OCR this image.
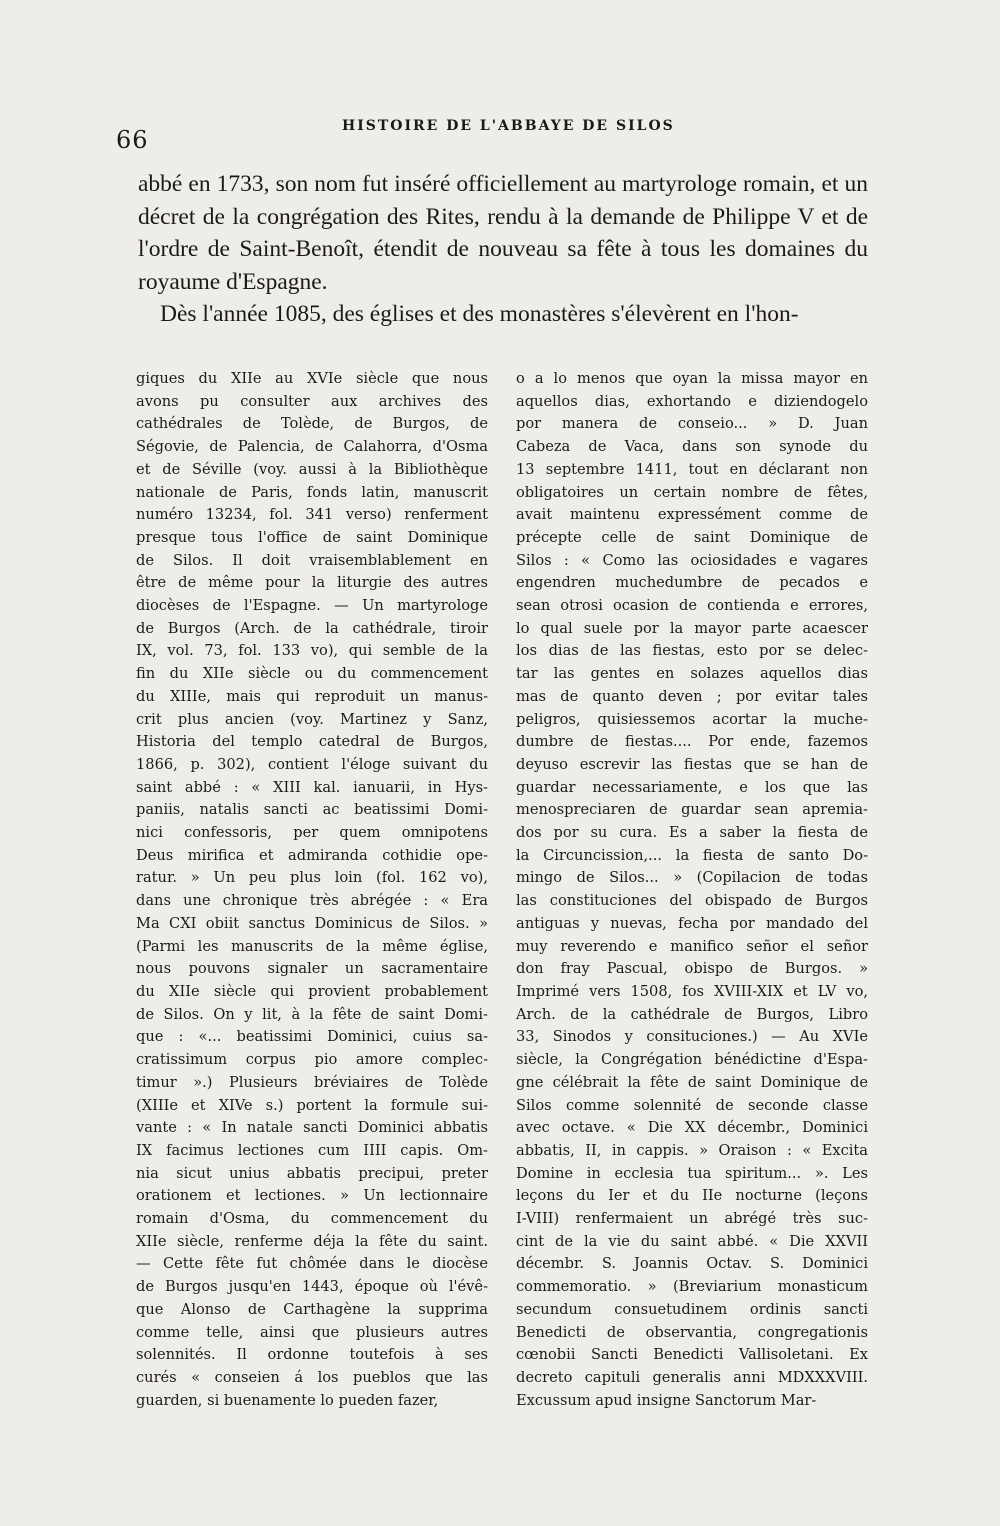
66	HISTOIRE DE L'ABBAYE DE SILOS

abbé en 1733, son nom fut inséré officiellement au martyrologe romain, et un décret de la congrégation des Rites, rendu à la demande de Philippe V et de l'ordre de Saint-Benoît, étendit de nouveau sa fête à tous les domaines du royaume d'Espagne.

Dès l'année 1085, des églises et des monastères s'élevèrent en l'hon-

giques du XIIe au XVIe siècle que nous
avons pu consulter aux archives des
cathédrales de Tolède, de Burgos, de
Ségovie, de Palencia, de Calahorra, d'Osma
et de Séville (voy. aussi à la Bibliothèque
nationale de Paris, fonds latin, manuscrit
numéro 13234, fol. 341 verso) renferment
presque tous l'office de saint Dominique
de Silos. Il doit vraisemblablement en
être de même pour la liturgie des autres
diocèses de l'Espagne. — Un martyrologe
de Burgos (Arch. de la cathédrale, tiroir
IX, vol. 73, fol. 133 vo), qui semble de la
fin du XIIe siècle ou du commencement
du XIIIe, mais qui reproduit un manus-
crit plus ancien (voy. Martinez y Sanz,
Historia del templo catedral de Burgos,
1866, p. 302), contient l'éloge suivant du
saint abbé : « XIII kal. ianuarii, in Hys-
paniis, natalis sancti ac beatissimi Domi-
nici confessoris, per quem omnipotens
Deus mirifica et admiranda cothidie ope-
ratur. » Un peu plus loin (fol. 162 vo),
dans une chronique très abrégée : « Era
Ma CXI obiit sanctus Dominicus de Silos. »
(Parmi les manuscrits de la même église,
nous pouvons signaler un sacramentaire
du XIIe siècle qui provient probablement
de Silos. On y lit, à la fête de saint Domi-
que : «... beatissimi Dominici, cuius sa-
cratissimum corpus pio amore complec-
timur ».) Plusieurs bréviaires de Tolède
(XIIIe et XIVe s.) portent la formule sui-
vante : « In natale sancti Dominici abbatis
IX facimus lectiones cum IIII capis. Om-
nia sicut unius abbatis precipui, preter
orationem et lectiones. » Un lectionnaire
romain d'Osma, du commencement du
XIIe siècle, renferme déja la fête du saint.
— Cette fête fut chômée dans le diocèse
de Burgos jusqu'en 1443, époque où l'évê-
que Alonso de Carthagène la supprima
comme telle, ainsi que plusieurs autres
solennités. Il ordonne toutefois à ses
curés « conseien á los pueblos que las
guarden, si buenamente lo pueden fazer,
o a lo menos que oyan la missa mayor en
aquellos dias, exhortando e diziendogelo
por manera de conseio... » D. Juan
Cabeza de Vaca, dans son synode du
13 septembre 1411, tout en déclarant non
obligatoires un certain nombre de fêtes,
avait maintenu expressément comme de
précepte celle de saint Dominique de
Silos : « Como las ociosidades e vagares
engendren muchedumbre de pecados e
sean otrosi ocasion de contienda e errores,
lo qual suele por la mayor parte acaescer
los dias de las fiestas, esto por se delec-
tar las gentes en solazes aquellos dias
mas de quanto deven ; por evitar tales
peligros, quisiessemos acortar la muche-
dumbre de fiestas.... Por ende, fazemos
deyuso escrevir las fiestas que se han de
guardar necessariamente, e los que las
menospreciaren de guardar sean apremia-
dos por su cura. Es a saber la fiesta de
la Circuncission,... la fiesta de santo Do-
mingo de Silos... » (Copilacion de todas
las constituciones del obispado de Burgos
antiguas y nuevas, fecha por mandado del
muy reverendo e manifico señor el señor
don fray Pascual, obispo de Burgos. »
Imprimé vers 1508, fos XVIII-XIX et LV vo,
Arch. de la cathédrale de Burgos, Libro
33, Sinodos y consituciones.) — Au XVIe
siècle, la Congrégation bénédictine d'Espa-
gne célébrait la fête de saint Dominique de
Silos comme solennité de seconde classe
avec octave. « Die XX décembr., Dominici
abbatis, II, in cappis. » Oraison : « Excita
Domine in ecclesia tua spiritum... ». Les
leçons du Ier et du IIe nocturne (leçons
I-VIII) renfermaient un abrégé très suc-
cint de la vie du saint abbé. « Die XXVII
décembr. S. Joannis Octav. S. Dominici
commemoratio. » (Breviarium monasticum
secundum consuetudinem ordinis sancti
Benedicti de observantia, congregationis
cœnobii Sancti Benedicti Vallisoletani. Ex
decreto capituli generalis anni MDXXXVIII.
Excussum apud insigne Sanctorum Mar-
